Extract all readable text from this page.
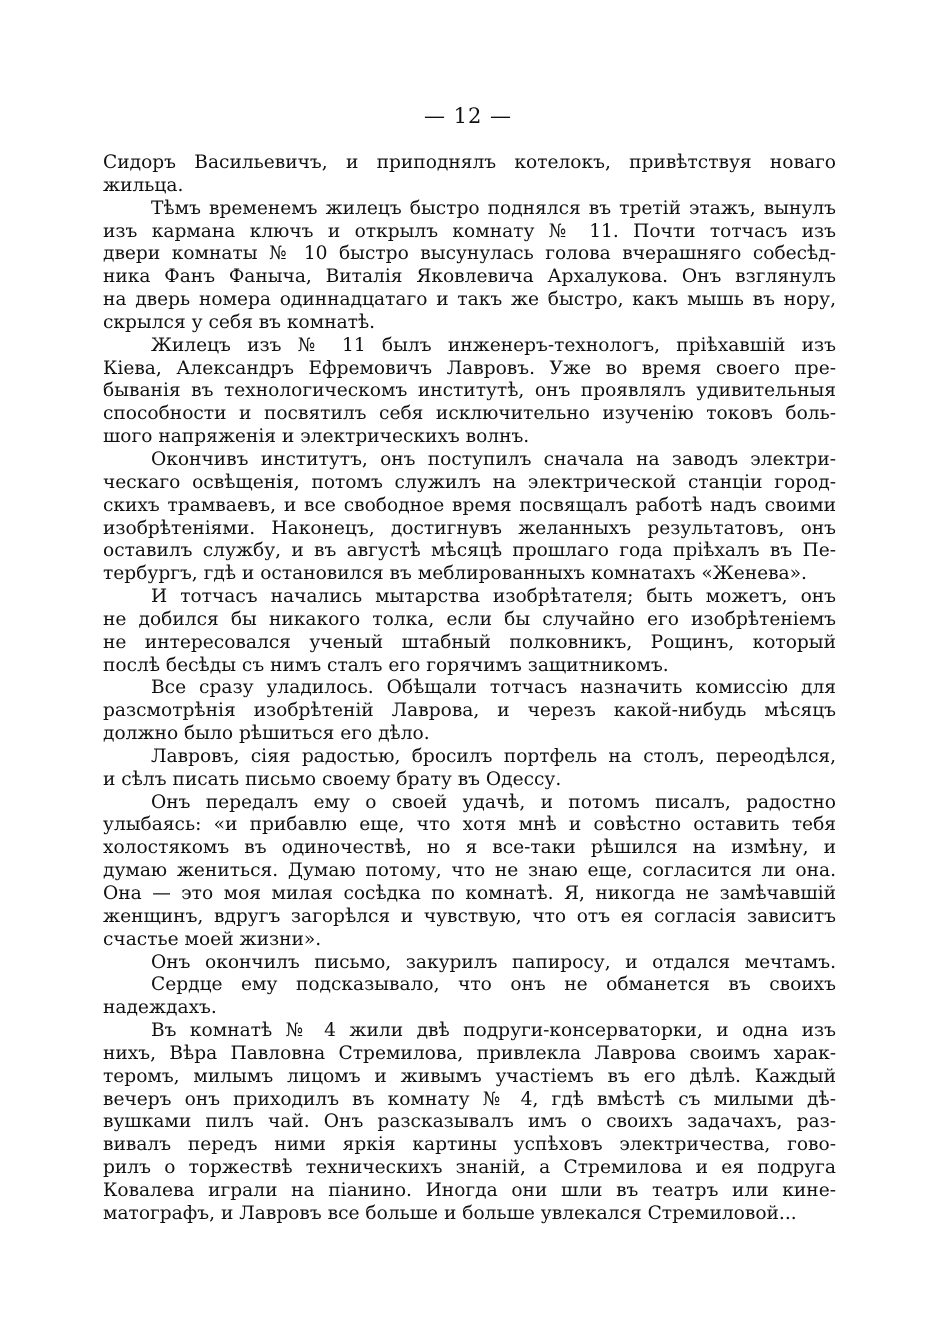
— 12 —
Сидоръ Васильевичъ, и приподнялъ котелокъ, привѣтствуя новаго
жильца.
Тѣмъ временемъ жилецъ быстро поднялся въ третій этажъ, вынулъ
изъ кармана ключъ и открылъ комнату № 11. Почти тотчасъ изъ
двери комнаты № 10 быстро высунулась голова вчерашняго собесѣд-
ника Фанъ Фаныча, Виталія Яковлевича Архалукова. Онъ взглянулъ
на дверь номера одиннадцатаго и такъ же быстро, какъ мышь въ нору,
скрылся у себя въ комнатѣ.
Жилецъ изъ № 11 былъ инженеръ-технологъ, пріѣхавшій изъ
Кіева, Александръ Ефремовичъ Лавровъ. Уже во время своего пре-
быванія въ технологическомъ институтѣ, онъ проявлялъ удивительныя
способности и посвятилъ себя исключительно изученію токовъ боль-
шого напряженія и электрическихъ волнъ.
Окончивъ институтъ, онъ поступилъ сначала на заводъ электри-
ческаго освѣщенія, потомъ служилъ на электрической станціи город-
скихъ трамваевъ, и все свободное время посвящалъ работѣ надъ своими
изобрѣтеніями. Наконецъ, достигнувъ желанныхъ результатовъ, онъ
оставилъ службу, и въ августѣ мѣсяцѣ прошлаго года пріѣхалъ въ Пе-
тербургъ, гдѣ и остановился въ меблированныхъ комнатахъ «Женева».
И тотчасъ начались мытарства изобрѣтателя; быть можетъ, онъ
не добился бы никакого толка, если бы случайно его изобрѣтеніемъ
не интересовался ученый штабный полковникъ, Рощинъ, который
послѣ бесѣды съ нимъ сталъ его горячимъ защитникомъ.
Все сразу уладилось. Обѣщали тотчасъ назначить комиссію для
разсмотрѣнія изобрѣтеній Лаврова, и черезъ какой-нибудь мѣсяцъ
должно было рѣшиться его дѣло.
Лавровъ, сіяя радостью, бросилъ портфель на столъ, переодѣлся,
и сѣлъ писать письмо своему брату въ Одессу.
Онъ передалъ ему о своей удачѣ, и потомъ писалъ, радостно
улыбаясь: «и прибавлю еще, что хотя мнѣ и совѣстно оставить тебя
холостякомъ въ одиночествѣ, но я все-таки рѣшился на измѣну, и
думаю жениться. Думаю потому, что не знаю еще, согласится ли она.
Она — это моя милая сосѣдка по комнатѣ. Я, никогда не замѣчавшій
женщинъ, вдругъ загорѣлся и чувствую, что отъ ея согласія зависитъ
счастье моей жизни».
Онъ окончилъ письмо, закурилъ папиросу, и отдался мечтамъ.
Сердце ему подсказывало, что онъ не обманется въ своихъ
надеждахъ.
Въ комнатѣ № 4 жили двѣ подруги-консерваторки, и одна изъ
нихъ, Вѣра Павловна Стремилова, привлекла Лаврова своимъ харак-
теромъ, милымъ лицомъ и живымъ участіемъ въ его дѣлѣ. Каждый
вечеръ онъ приходилъ въ комнату № 4, гдѣ вмѣстѣ съ милыми дѣ-
вушками пилъ чай. Онъ разсказывалъ имъ о своихъ задачахъ, раз-
вивалъ передъ ними яркія картины успѣховъ электричества, гово-
рилъ о торжествѣ техническихъ знаній, а Стремилова и ея подруга
Ковалева играли на піанино. Иногда они шли въ театръ или кине-
матографъ, и Лавровъ все больше и больше увлекался Стремиловой...
